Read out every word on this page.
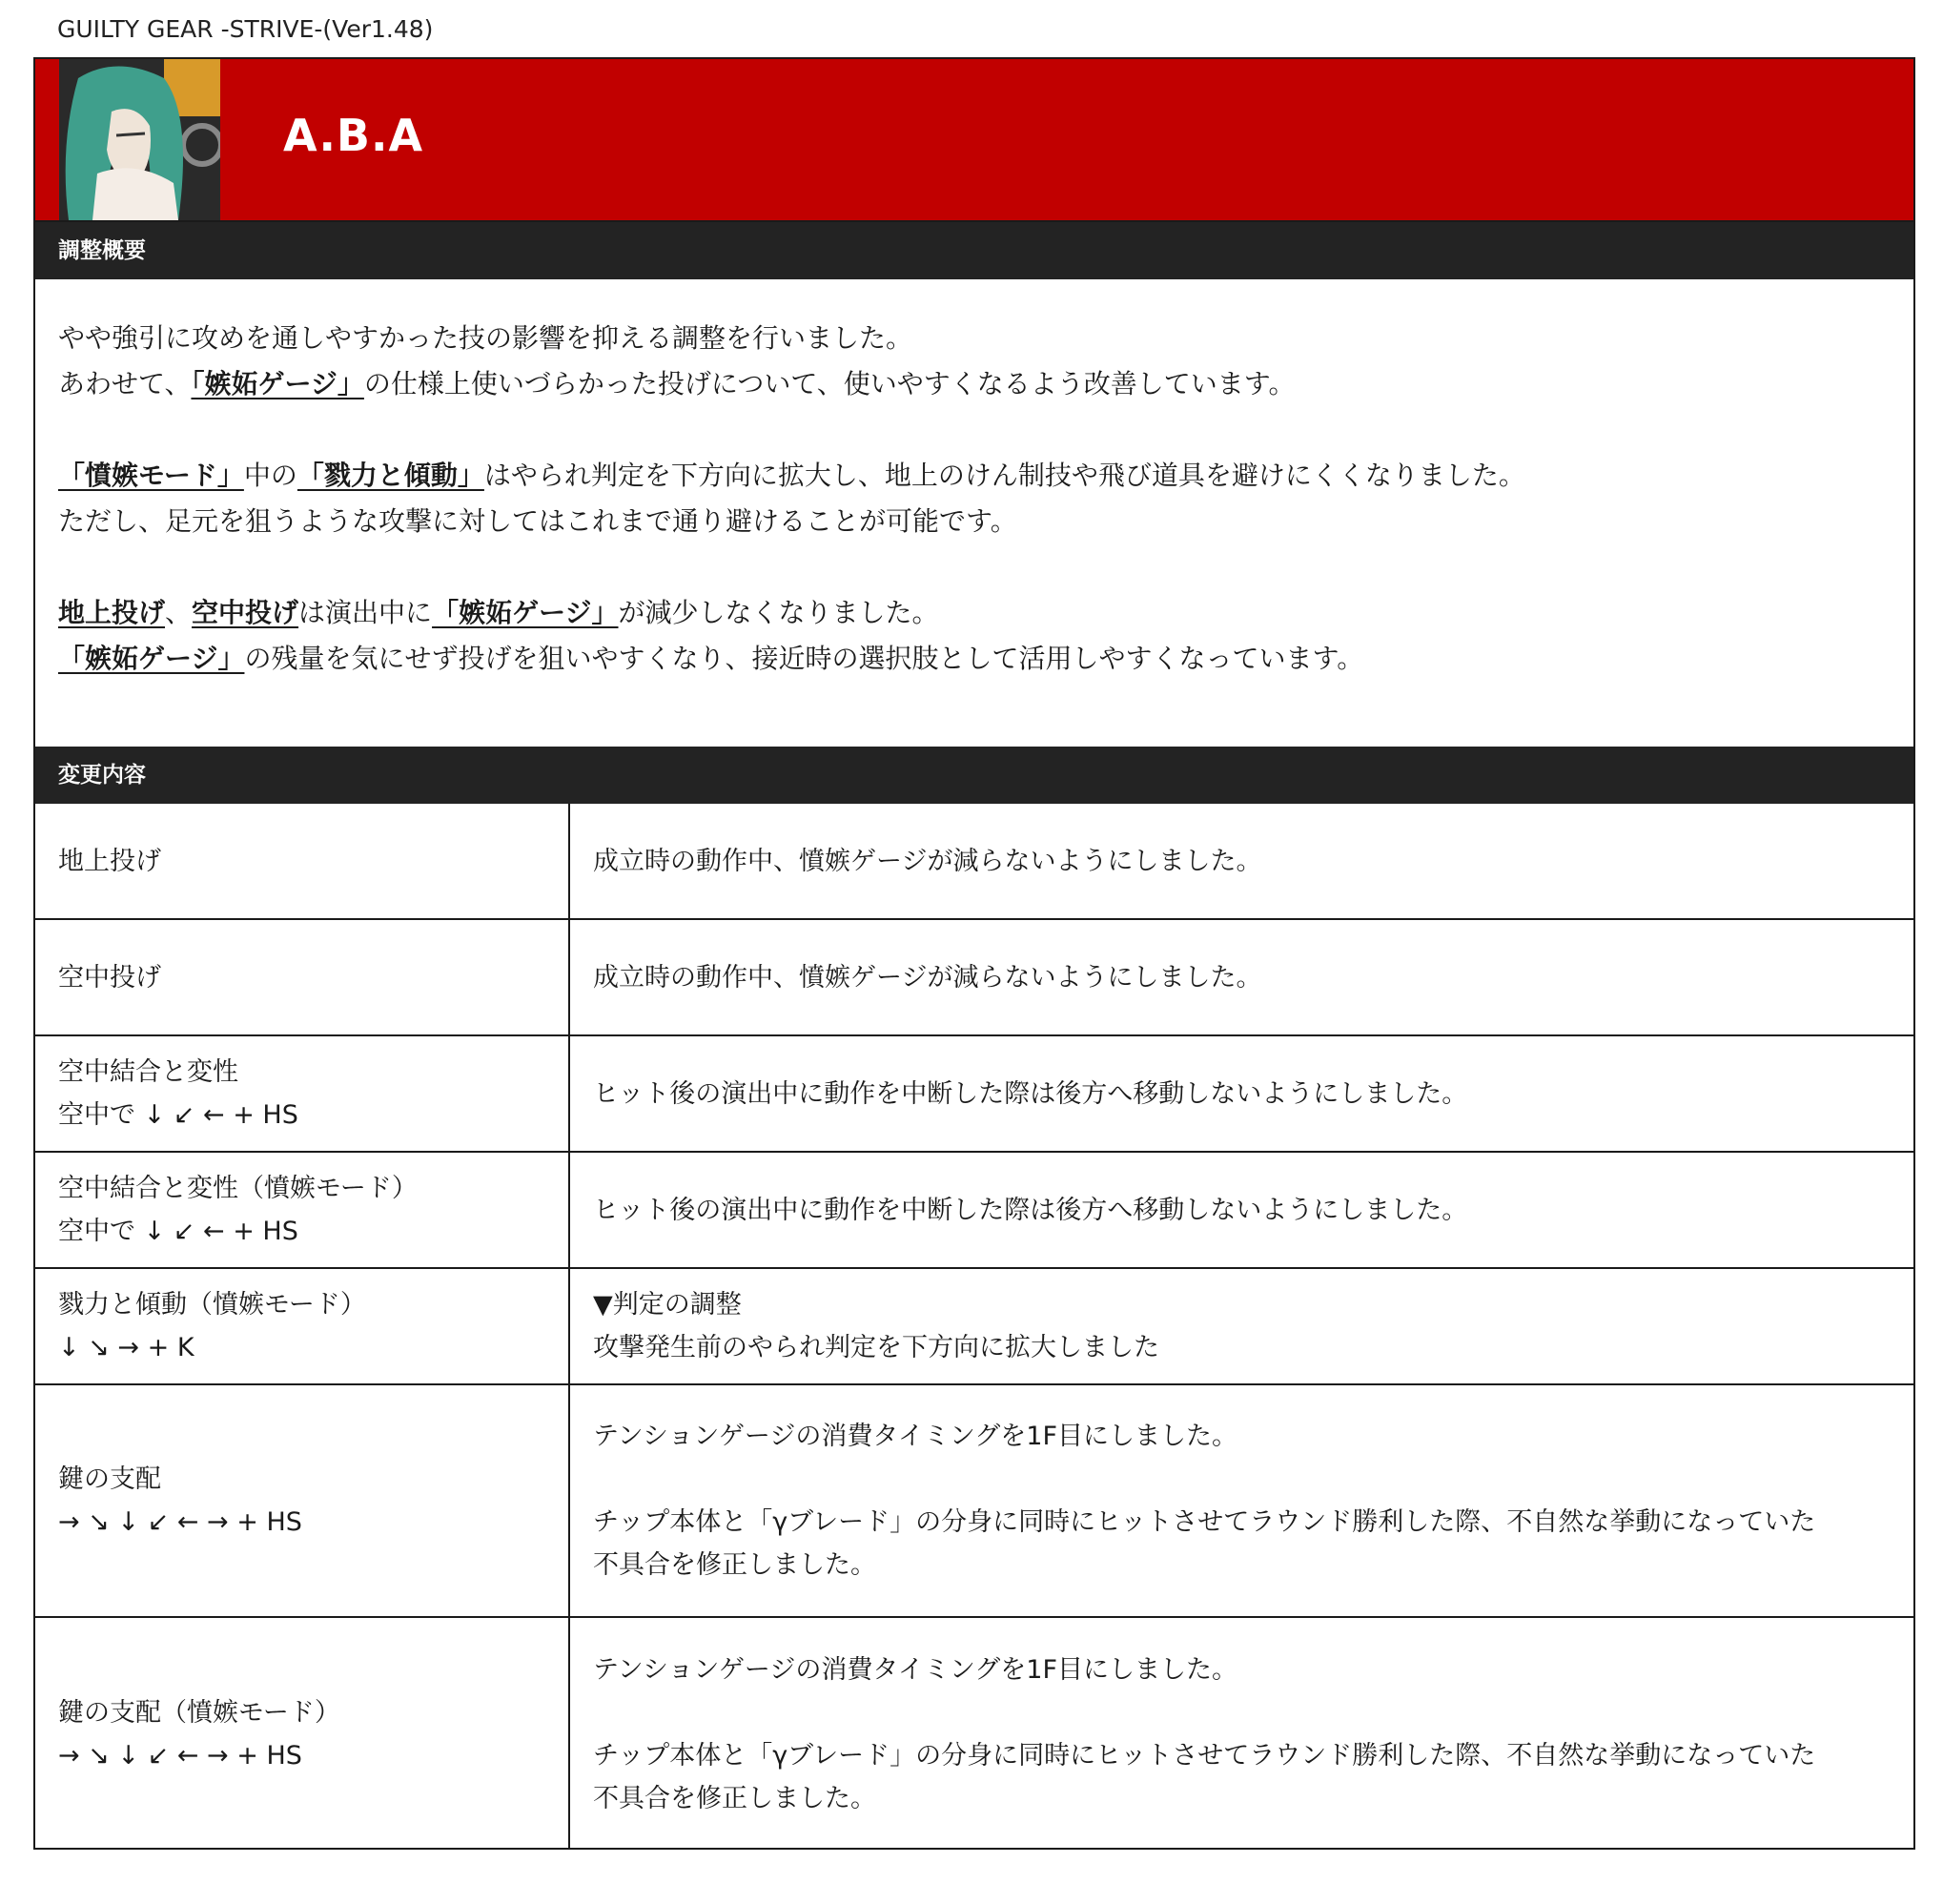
GUILTY GEAR -STRIVE-(Ver1.48)
A.B.A
調整概要

やや強引に攻めを通しやすかった技の影響を抑える調整を行いました。
あわせて、「嫉妬ゲージ」の仕様上使いづらかった投げについて、使いやすくなるよう改善しています。

「憤嫉モード」中の「戮力と傾動」はやられ判定を下方向に拡大し、地上のけん制技や飛び道具を避けにくくなりました。
ただし、足元を狙うような攻撃に対してはこれまで通り避けることが可能です。

地上投げ、空中投げは演出中に「嫉妬ゲージ」が減少しなくなりました。
「嫉妬ゲージ」の残量を気にせず投げを狙いやすくなり、接近時の選択肢として活用しやすくなっています。

変更内容
地上投げ	成立時の動作中、憤嫉ゲージが減らないようにしました。

空中投げ	成立時の動作中、憤嫉ゲージが減らないようにしました。

空中結合と変性
空中で ↓ ↙ ← + HS	ヒット後の演出中に動作を中断した際は後方へ移動しないようにしました。

空中結合と変性（憤嫉モード）
空中で ↓ ↙ ← + HS	ヒット後の演出中に動作を中断した際は後方へ移動しないようにしました。

戮力と傾動（憤嫉モード）
↓ ↘ → + K	▼判定の調整
攻撃発生前のやられ判定を下方向に拡大しました

鍵の支配
→ ↘ ↓ ↙ ← → + HS	テンションゲージの消費タイミングを1F目にしました。
チップ本体と「γブレード」の分身に同時にヒットさせてラウンド勝利した際、不自然な挙動になっていた
不具合を修正しました。

鍵の支配（憤嫉モード）
→ ↘ ↓ ↙ ← → + HS	テンションゲージの消費タイミングを1F目にしました。
チップ本体と「γブレード」の分身に同時にヒットさせてラウンド勝利した際、不自然な挙動になっていた
不具合を修正しました。
